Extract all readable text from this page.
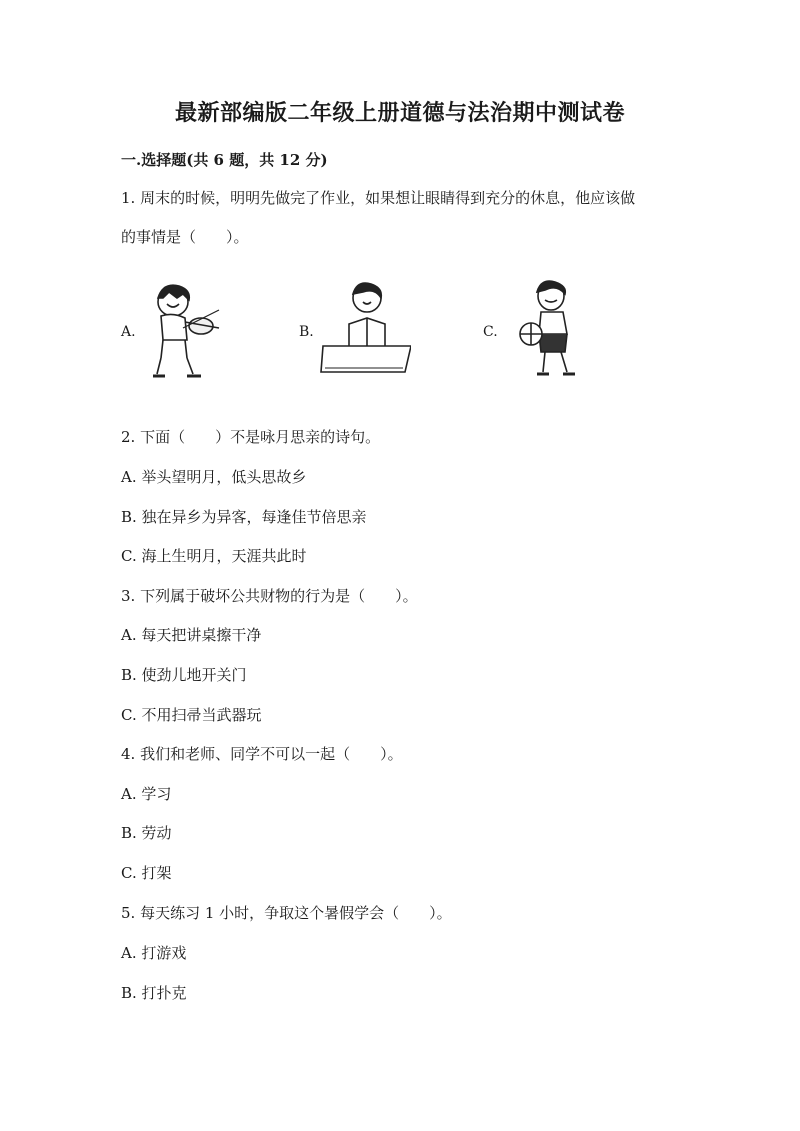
最新部编版二年级上册道德与法治期中测试卷
一.选择题(共 6 题，共 12 分)
1. 周末的时候，明明先做完了作业，如果想让眼睛得到充分的休息，他应该做
的事情是（　　）。
A.	B.	C.
2. 下面（　　）不是咏月思亲的诗句。
A. 举头望明月，低头思故乡
B. 独在异乡为异客，每逢佳节倍思亲
C. 海上生明月，天涯共此时
3. 下列属于破坏公共财物的行为是（　　）。
A. 每天把讲桌擦干净
B. 使劲儿地开关门
C. 不用扫帚当武器玩
4. 我们和老师、同学不可以一起（　　）。
A. 学习
B. 劳动
C. 打架
5. 每天练习 1 小时，争取这个暑假学会（　　）。
A. 打游戏
B. 打扑克
